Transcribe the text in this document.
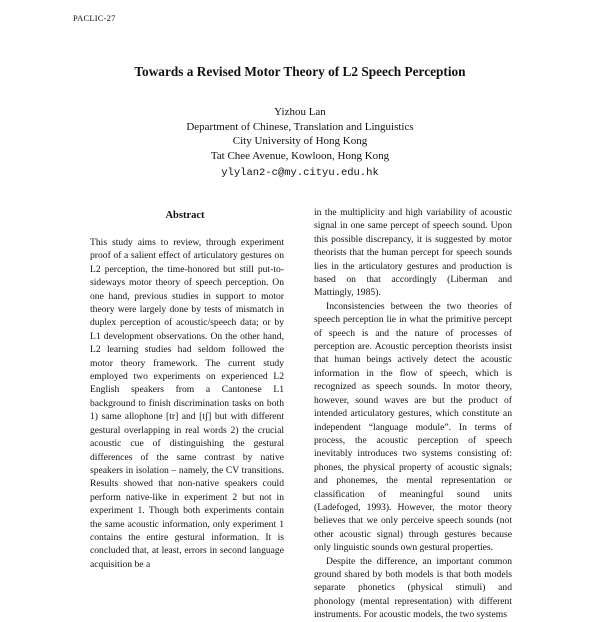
PACLIC-27
Towards a Revised Motor Theory of L2 Speech Perception
Yizhou Lan
Department of Chinese, Translation and Linguistics
City University of Hong Kong
Tat Chee Avenue, Kowloon, Hong Kong
ylylan2-c@my.cityu.edu.hk
Abstract

This study aims to review, through experiment proof of a salient effect of articulatory gestures on L2 perception, the time-honored but still put-to-sideways motor theory of speech perception. On one hand, previous studies in support to motor theory were largely done by tests of mismatch in duplex perception of acoustic/speech data; or by L1 development observations. On the other hand, L2 learning studies had seldom followed the motor theory framework. The current study employed two experiments on experienced L2 English speakers from a Cantonese L1 background to finish discrimination tasks on both 1) same allophone [tr] and [tʃ] but with different gestural overlapping in real words 2) the crucial acoustic cue of distinguishing the gestural differences of the same contrast by native speakers in isolation – namely, the CV transitions. Results showed that non-native speakers could perform native-like in experiment 2 but not in experiment 1. Though both experiments contain the same acoustic information, only experiment 1 contains the entire gestural information. It is concluded that, at least, errors in second language acquisition be a

in the multiplicity and high variability of acoustic signal in one same percept of speech sound. Upon this possible discrepancy, it is suggested by motor theorists that the human percept for speech sounds lies in the articulatory gestures and production is based on that accordingly (Liberman and Mattingly, 1985).

Inconsistencies between the two theories of speech perception lie in what the primitive percept of speech is and the nature of processes of perception are. Acoustic perception theorists insist that human beings actively detect the acoustic information in the flow of speech, which is recognized as speech sounds. In motor theory, however, sound waves are but the product of intended articulatory gestures, which constitute an independent “language module”. In terms of process, the acoustic perception of speech inevitably introduces two systems consisting of: phones, the physical property of acoustic signals; and phonemes, the mental representation or classification of meaningful sound units (Ladefoged, 1993). However, the motor theory believes that we only perceive speech sounds (not other acoustic signal) through gestures because only linguistic sounds own gestural properties.

Despite the difference, an important common ground shared by both models is that both models separate phonetics (physical stimuli) and phonology (mental representation) with different instruments. For acoustic models, the two systems
